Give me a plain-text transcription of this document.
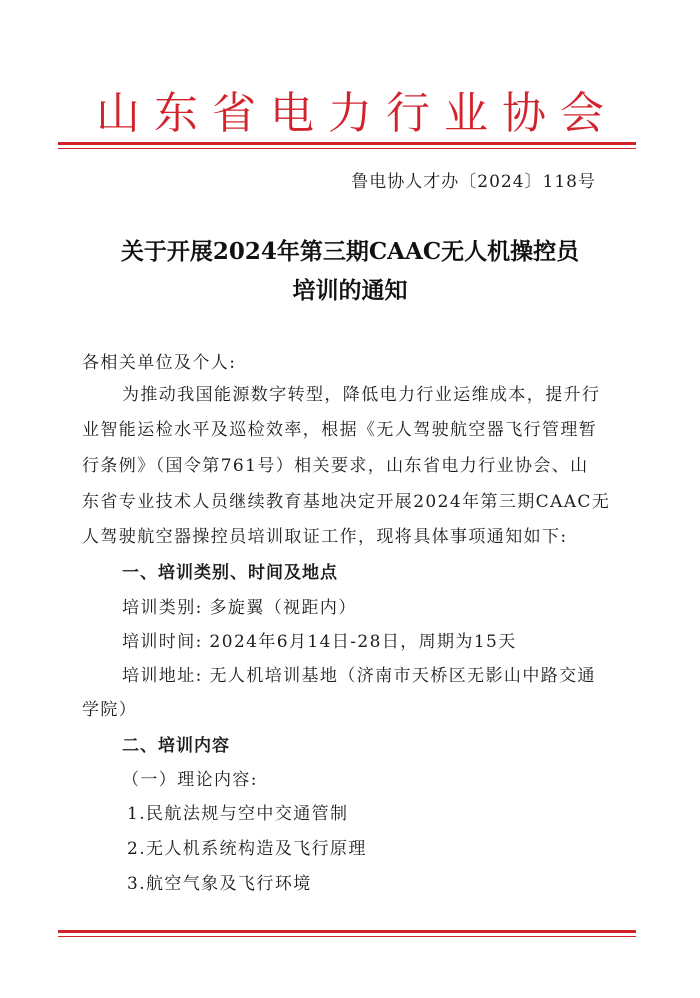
山东省电力行业协会
鲁电协人才办〔2024〕118号
关于开展2024年第三期CAAC无人机操控员
培训的通知
各相关单位及个人:
为推动我国能源数字转型，降低电力行业运维成本，提升行
业智能运检水平及巡检效率，根据《无人驾驶航空器飞行管理暂
行条例》（国令第761号）相关要求，山东省电力行业协会、山
东省专业技术人员继续教育基地决定开展2024年第三期CAAC无
人驾驶航空器操控员培训取证工作，现将具体事项通知如下:
一、培训类别、时间及地点
培训类别: 多旋翼（视距内）
培训时间: 2024年6月14日-28日，周期为15天
培训地址: 无人机培训基地（济南市天桥区无影山中路交通
学院）
二、培训内容
（一）理论内容:
1.民航法规与空中交通管制
2.无人机系统构造及飞行原理
3.航空气象及飞行环境
